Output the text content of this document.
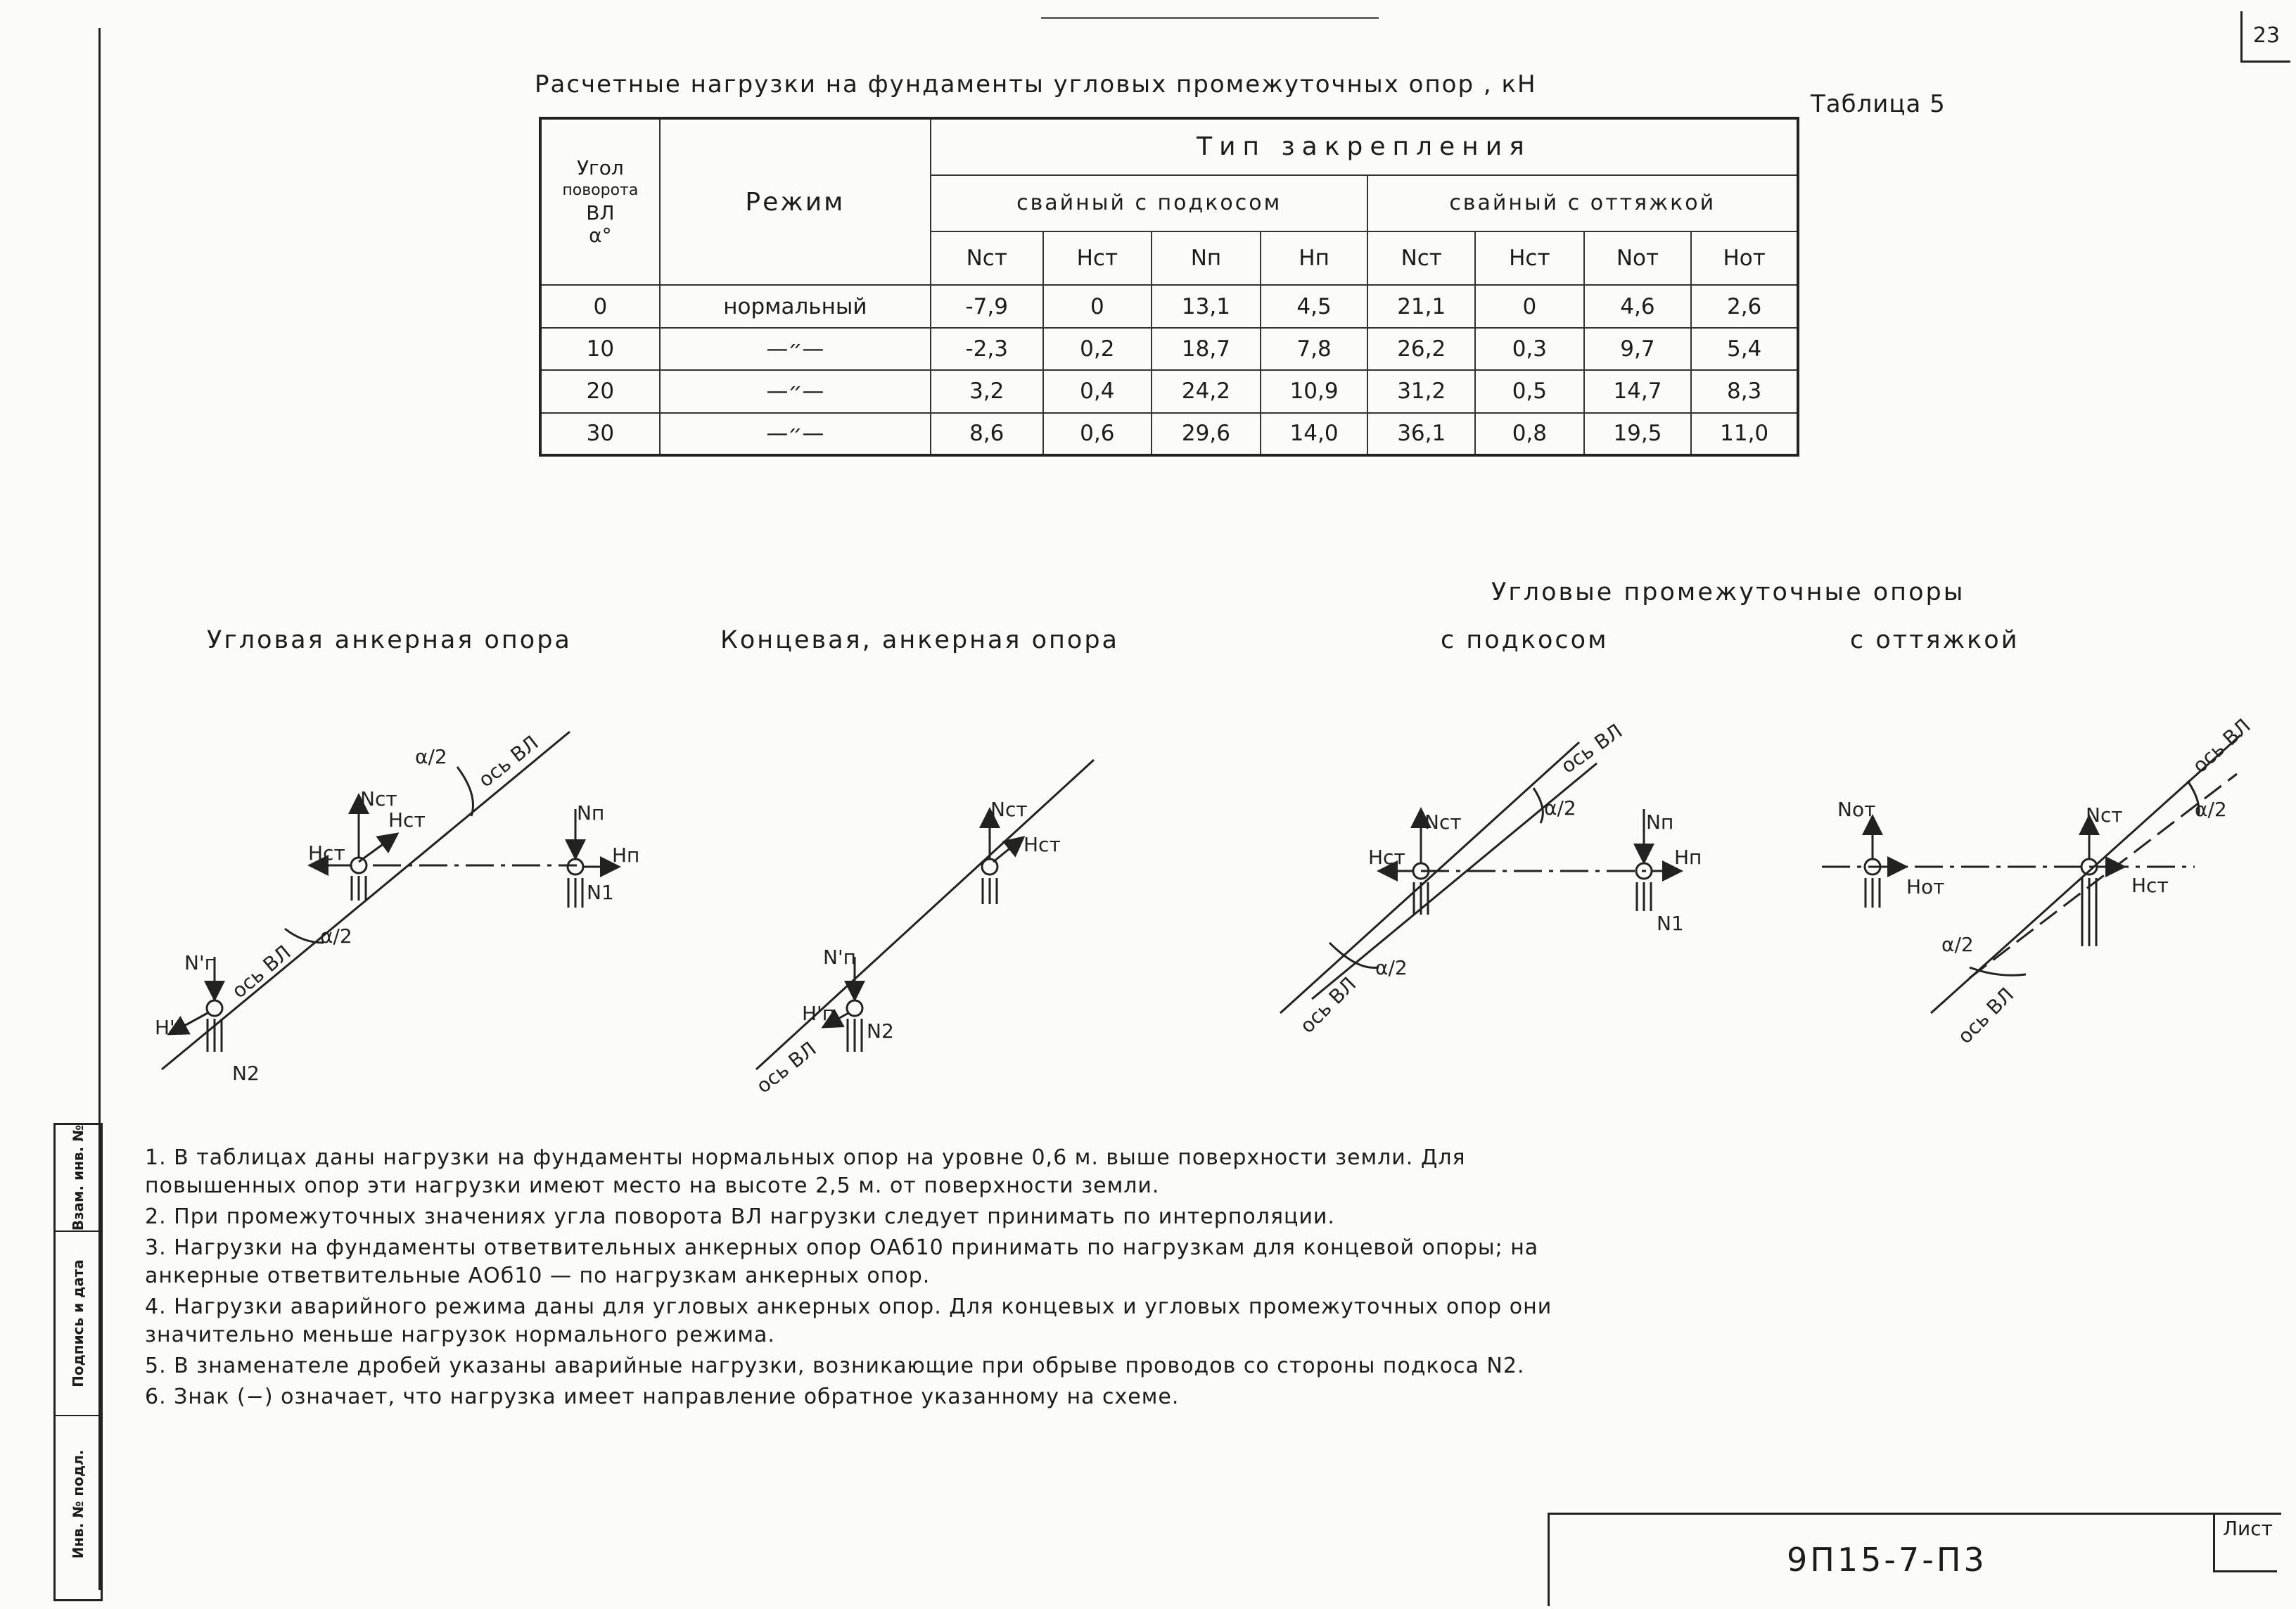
23
Расчетные нагрузки на фундаменты угловых промежуточных опор , кН
Таблица 5
Угол
поворота
ВЛ
α°	Режим	Тип закрепления							
		свайный с подкосом				свайный с оттяжкой			
		Nст	Hст	Nп	Hп	Nст	Hст	Nот	Hот
0	нормальный	-7,9	0	13,1	4,5	21,1	0	4,6	2,6
10	—״—	-2,3	0,2	18,7	7,8	26,2	0,3	9,7	5,4
20	—״—	3,2	0,4	24,2	10,9	31,2	0,5	14,7	8,3
30	—״—	8,6	0,6	29,6	14,0	36,1	0,8	19,5	11,0
Угловая анкерная опора	Концевая, анкерная опора
Угловые промежуточные опоры
с подкосом	с оттяжкой
Nст
Hст
Hст
Nп
Hп
N1
N'п
H'п
N2
α/2
α/2
ось ВЛ
ось ВЛ
Nст
Hст
N'п
H'п
N2
ось ВЛ
Nст
Hст
Nп
Hп
N1
α/2
α/2
ось ВЛ
ось ВЛ
Nот
Hот
Nст
Hст
α/2
α/2
ось ВЛ
ось ВЛ

1. В таблицах даны нагрузки на фундаменты нормальных опор на уровне 0,6 м. выше поверхности земли. Для повышенных опор эти нагрузки имеют место на высоте 2,5 м. от поверхности земли.

2. При промежуточных значениях угла поворота ВЛ нагрузки следует принимать по интерполяции.

3. Нагрузки на фундаменты ответвительных анкерных опор ОАб10 принимать по нагрузкам для концевой опоры; на анкерные ответвительные АОб10 — по нагрузкам анкерных опор.

4. Нагрузки аварийного режима даны для угловых анкерных опор. Для концевых и угловых промежуточных опор они значительно меньше нагрузок нормального режима.

5. В знаменателе дробей указаны аварийные нагрузки, возникающие при обрыве проводов со стороны подкоса N2.

6. Знак (−) означает, что нагрузка имеет направление обратное указанному на схеме.

Взам. инв. №
Подпись и дата
Инв. № подл.
9П15-7-П3
Лист
